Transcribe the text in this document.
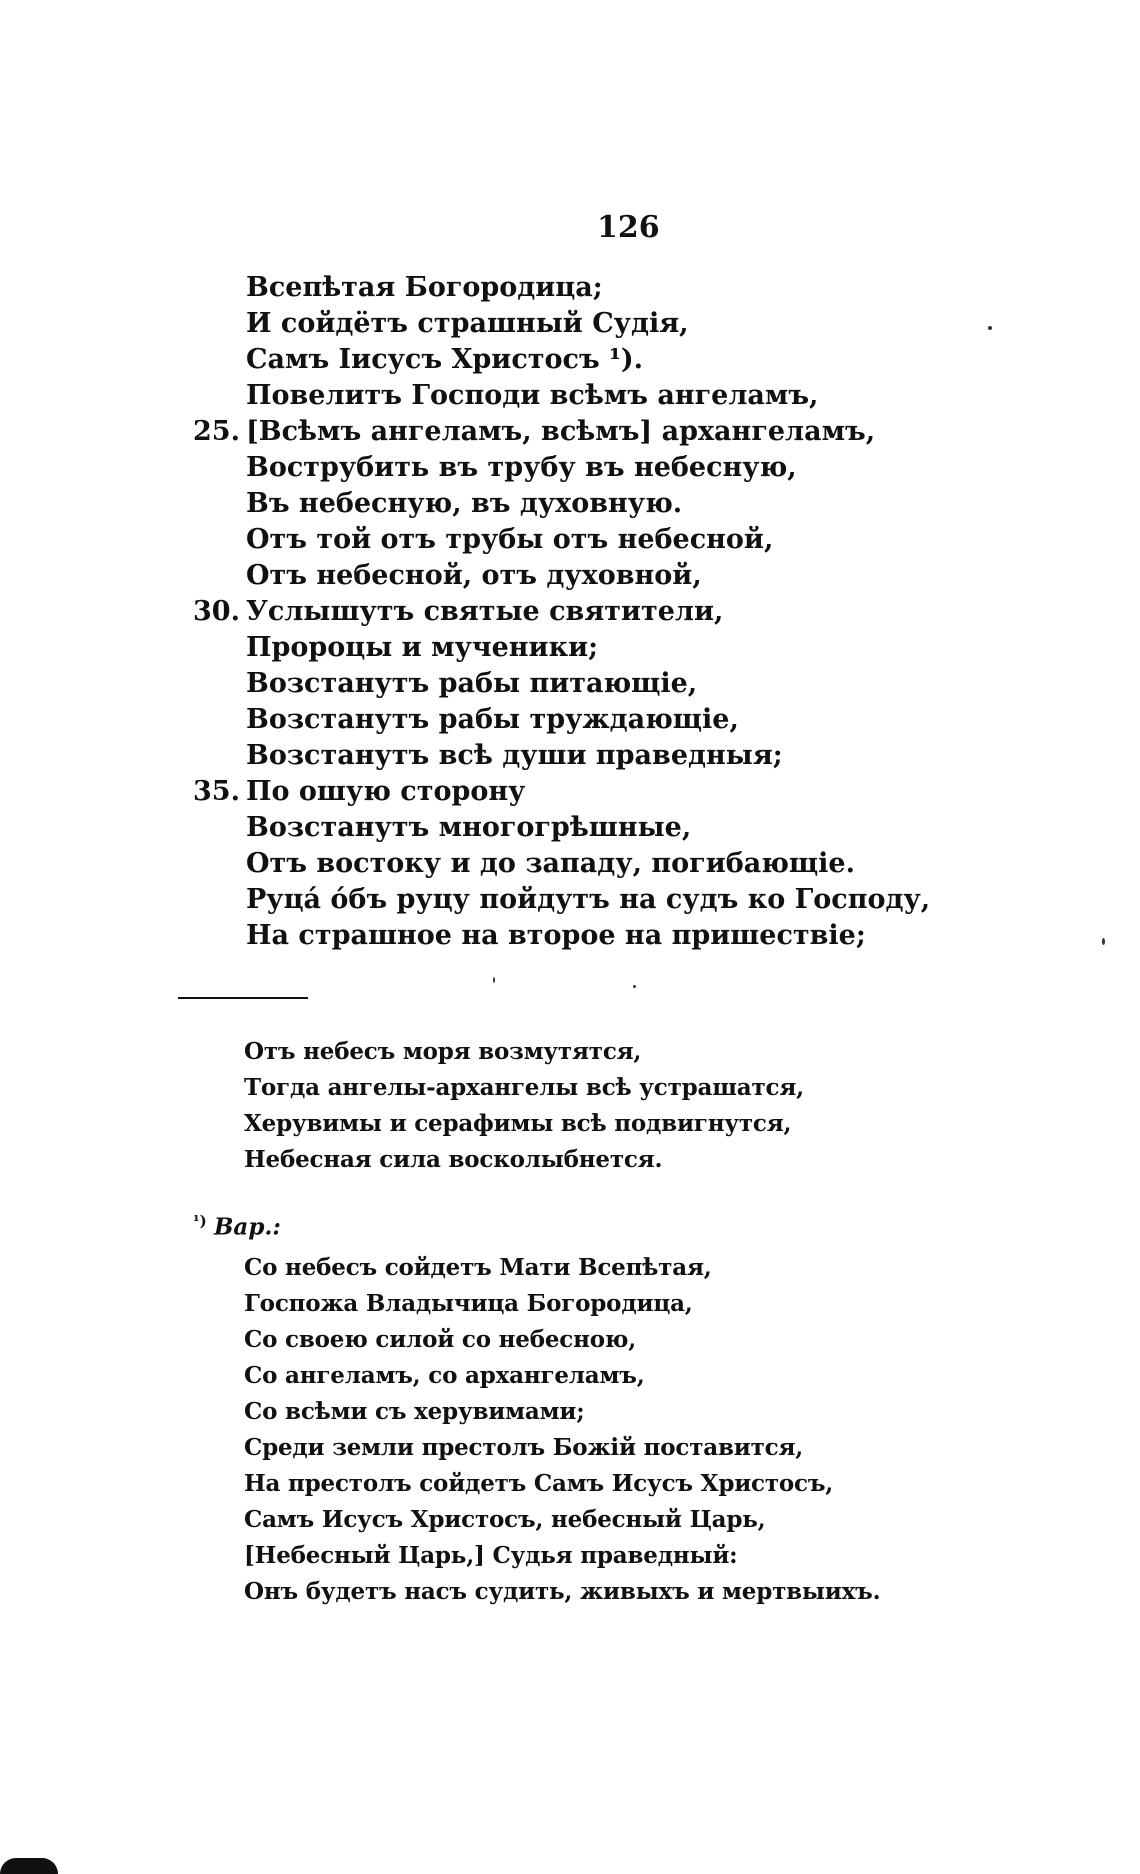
126
Всепѣтая Богородица;
И сойдётъ страшный Судія,
Самъ Іисусъ Христосъ ¹).
Повелитъ Господи всѣмъ ангеламъ,
25. [Всѣмъ ангеламъ, всѣмъ] архангеламъ,
Вострубить въ трубу въ небесную,
Въ небесную, въ духовную.
Отъ той отъ трубы отъ небесной,
Отъ небесной, отъ духовной,
30. Услышутъ святые святители,
Пророцы и мученики;
Возстанутъ рабы питающіе,
Возстанутъ рабы труждающіе,
Возстанутъ всѣ души праведныя;
35. По ошую сторону
Возстанутъ многогрѣшные,
Отъ востоку и до западу, погибающіе.
Руцá óбъ руцу пойдутъ на судъ ко Господу,
На страшное на второе на пришествіе;
Отъ небесъ моря возмутятся,
Тогда ангелы-архангелы всѣ устрашатся,
Херувимы и серафимы всѣ подвигнутся,
Небесная сила восколыбнется.
$^{^1)}$ Вар.:
Со небесъ сойдетъ Мати Всепѣтая,
Госпожа Владычица Богородица,
Со своею силой со небесною,
Со ангеламъ, со архангеламъ,
Со всѣми съ херувимами;
Среди земли престолъ Божій поставится,
На престолъ сойдетъ Самъ Исусъ Христосъ,
Самъ Исусъ Христосъ, небесный Царь,
[Небесный Царь,] Судья праведный:
Онъ будетъ насъ судить, живыхъ и мертвыихъ.
